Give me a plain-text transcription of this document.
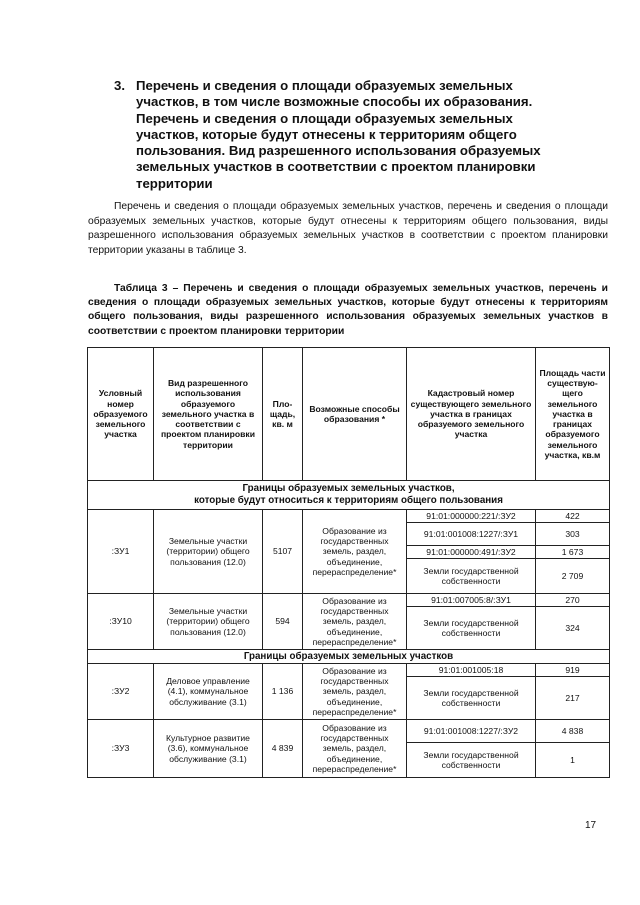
3. Перечень и сведения о площади образуемых земельных участков, в том числе возможные способы их образования. Перечень и сведения о площади образуемых земельных участков, которые будут отнесены к территориям общего пользования. Вид разрешенного использования образуемых земельных участков в соответствии с проектом планировки территории
Перечень и сведения о площади образуемых земельных участков, перечень и сведения о площади образуемых земельных участков, которые будут отнесены к территориям общего пользования, виды разрешенного использования образуемых земельных участков в соответствии с проектом планировки территории указаны в таблице 3.
Таблица 3 – Перечень и сведения о площади образуемых земельных участков, перечень и сведения о площади образуемых земельных участков, которые будут отнесены к территориям общего пользования, виды разрешенного использования образуемых земельных участков в соответствии с проектом планировки территории
Условный номер образуемого земельного участка	Вид разрешенного использования образуемого земельного участка в соответствии с проектом планировки территории	Пло-щадь, кв. м	Возможные способы образования *	Кадастровый номер существующего земельного участка в границах образуемого земельного участка	Площадь части существую-щего земельного участка в границах образуемого земельного участка, кв.м
Границы образуемых земельных участков,
которые будут относиться к территориям общего пользования					
:ЗУ1	Земельные участки (территории) общего пользования (12.0)	5107	Образование из государственных земель, раздел, объединение, перераспределение*	91:01:000000:221/:ЗУ2	422
				91:01:001008:1227/:ЗУ1	303
				91:01:000000:491/:ЗУ2	1 673
				Земли государственной собственности	2 709
:ЗУ10	Земельные участки (территории) общего пользования (12.0)	594	Образование из государственных земель, раздел, объединение, перераспределение*	91:01:007005:8/:ЗУ1	270
				Земли государственной собственности	324
Границы образуемых земельных участков					
:ЗУ2	Деловое управление (4.1), коммунальное обслуживание (3.1)	1 136	Образование из государственных земель, раздел, объединение, перераспределение*	91:01:001005:18	919
				Земли государственной собственности	217
:ЗУ3	Культурное развитие (3.6), коммунальное обслуживание (3.1)	4 839	Образование из государственных земель, раздел, объединение, перераспределение*	91:01:001008:1227/:ЗУ2	4 838
				Земли государственной собственности	1
17
